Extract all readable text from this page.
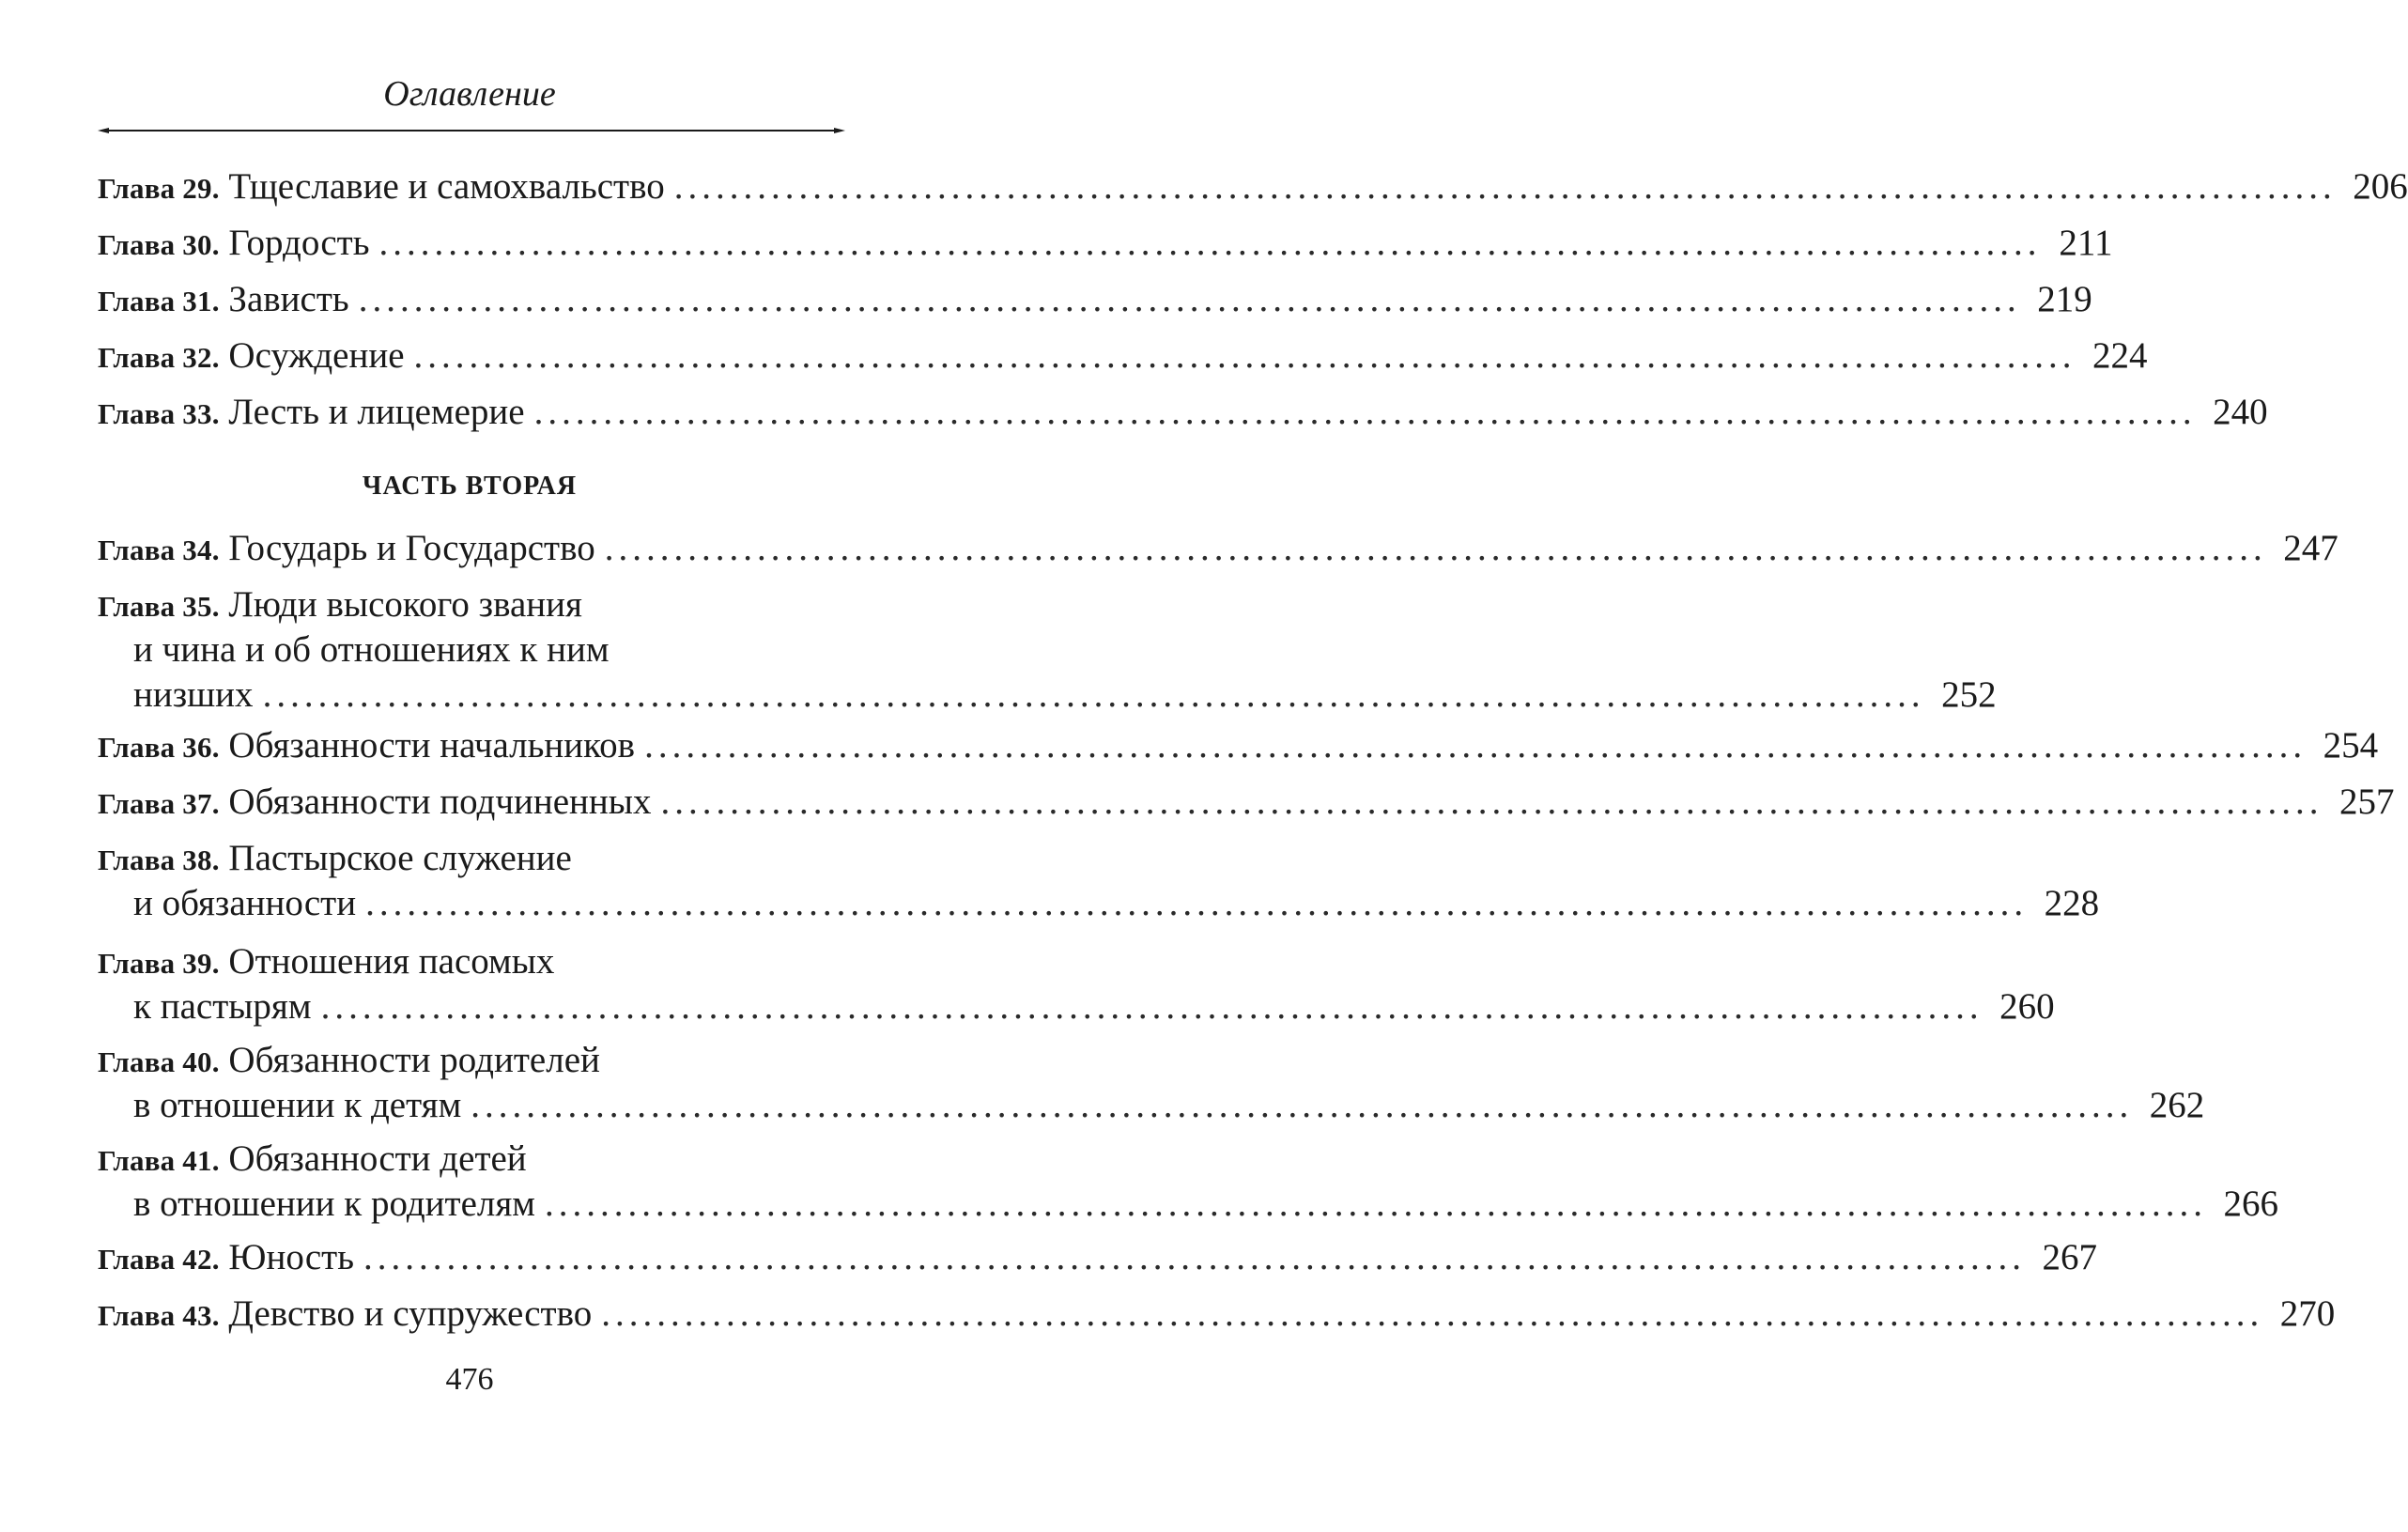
Оглавление
ЧАСТЬ ВТОРАЯ
Глава 29. Тщеславие и самохвальство ........................................................................................................................ 206
Глава 30. Гордость ........................................................................................................................ 211
Глава 31. Зависть ........................................................................................................................ 219
Глава 32. Осуждение ........................................................................................................................ 224
Глава 33. Лесть и лицемерие ........................................................................................................................ 240
Глава 34. Государь и Государство ........................................................................................................................ 247
Глава 35. Люди высокого звания
и чина и об отношениях к ним
низших ........................................................................................................................ 252
Глава 36. Обязанности начальников ........................................................................................................................ 254
Глава 37. Обязанности подчиненных ........................................................................................................................ 257
Глава 38. Пастырское служение
и обязанности ........................................................................................................................ 228
Глава 39. Отношения пасомых
к пастырям ........................................................................................................................ 260
Глава 40. Обязанности родителей
в отношении к детям ........................................................................................................................ 262
Глава 41. Обязанности детей
в отношении к родителям ........................................................................................................................ 266
Глава 42. Юность ........................................................................................................................ 267
Глава 43. Девство и супружество ........................................................................................................................ 270
476
